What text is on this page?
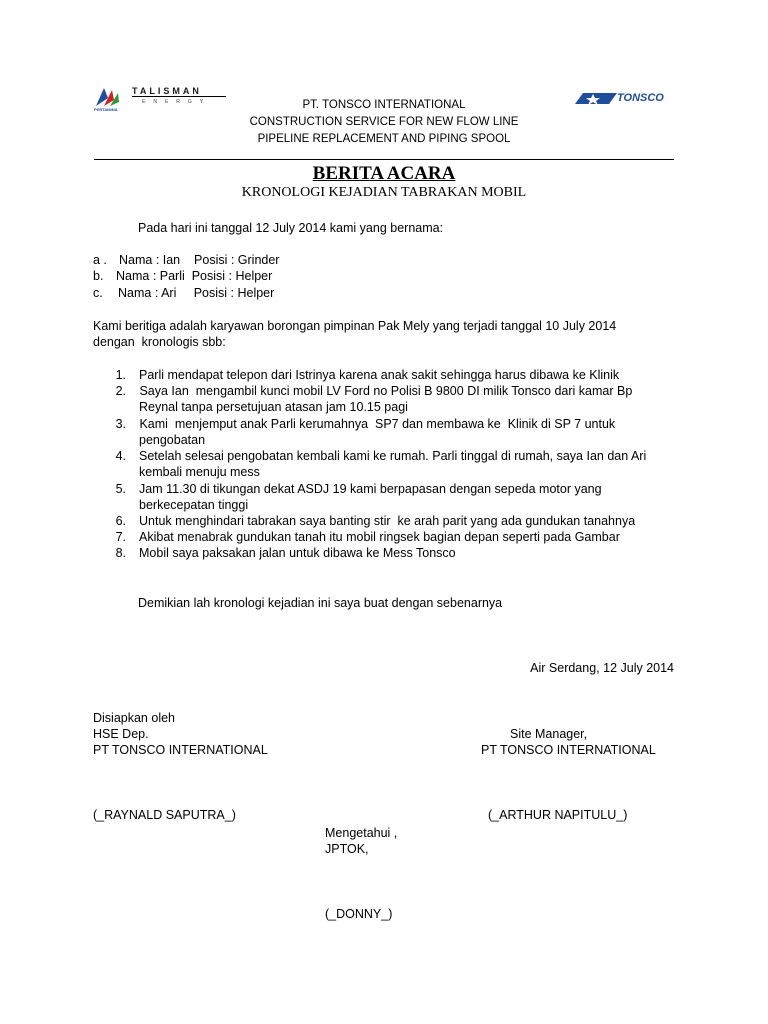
TALISMAN
ENERGY
PERTAMINA
TONSCO
PT. TONSCO INTERNATIONAL
CONSTRUCTION SERVICE FOR NEW FLOW LINE
PIPELINE REPLACEMENT AND PIPING SPOOL
BERITA ACARA
KRONOLOGI KEJADIAN TABRAKAN MOBIL
Pada hari ini tanggal 12 July 2014 kami yang bernama:
a . Nama : Ian    Posisi : Grinder
b. Nama : Parli  Posisi : Helper
c. Nama : Ari     Posisi : Helper
Kami beritiga adalah karyawan borongan pimpinan Pak Mely yang terjadi tanggal 10 July 2014
dengan  kronologis sbb:
1. Parli mendapat telepon dari Istrinya karena anak sakit sehingga harus dibawa ke Klinik
2. Saya Ian  mengambil kunci mobil LV Ford no Polisi B 9800 DI milik Tonsco dari kamar Bp
Reynal tanpa persetujuan atasan jam 10.15 pagi
3. Kami  menjemput anak Parli kerumahnya  SP7 dan membawa ke  Klinik di SP 7 untuk
pengobatan
4. Setelah selesai pengobatan kembali kami ke rumah. Parli tinggal di rumah, saya Ian dan Ari
kembali menuju mess
5. Jam 11.30 di tikungan dekat ASDJ 19 kami berpapasan dengan sepeda motor yang
berkecepatan tinggi
6. Untuk menghindari tabrakan saya banting stir  ke arah parit yang ada gundukan tanahnya
7. Akibat menabrak gundukan tanah itu mobil ringsek bagian depan seperti pada Gambar
8. Mobil saya paksakan jalan untuk dibawa ke Mess Tonsco
Demikian lah kronologi kejadian ini saya buat dengan sebenarnya
Air Serdang, 12 July 2014
Disiapkan oleh
HSE Dep.
PT TONSCO INTERNATIONAL
(_RAYNALD SAPUTRA_)
Site Manager,
PT TONSCO INTERNATIONAL
(_ARTHUR NAPITULU_)
Mengetahui ,
JPTOK,
(_DONNY_)
